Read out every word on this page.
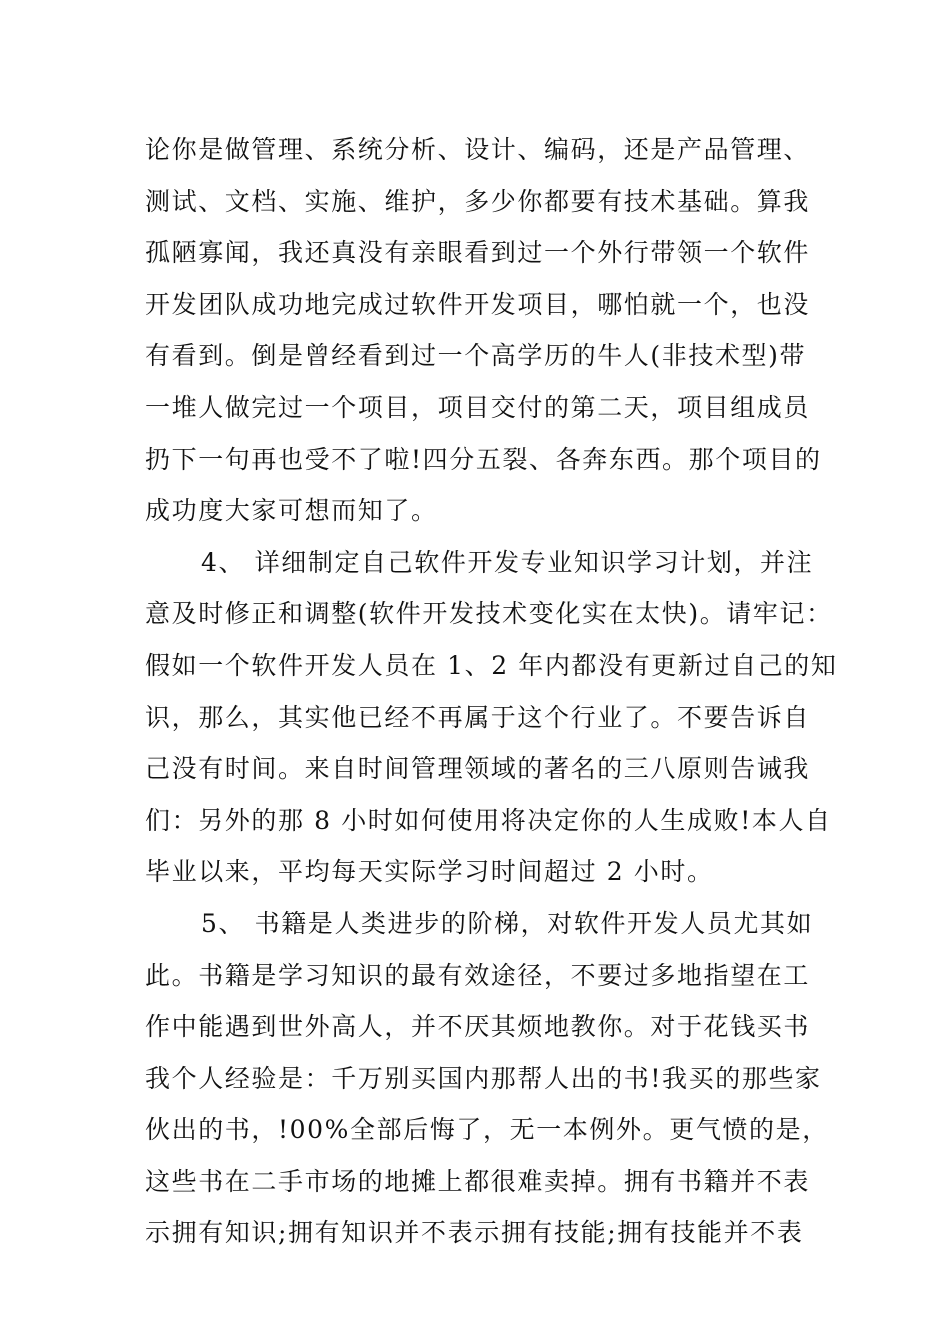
论你是做管理、系统分析、设计、编码，还是产品管理、
测试、文档、实施、维护，多少你都要有技术基础。算我
孤陋寡闻，我还真没有亲眼看到过一个外行带领一个软件
开发团队成功地完成过软件开发项目，哪怕就一个，也没
有看到。倒是曾经看到过一个高学历的牛人(非技术型)带
一堆人做完过一个项目，项目交付的第二天，项目组成员
扔下一句再也受不了啦!四分五裂、各奔东西。那个项目的
成功度大家可想而知了。
4、 详细制定自己软件开发专业知识学习计划，并注
意及时修正和调整(软件开发技术变化实在太快)。请牢记：
假如一个软件开发人员在 1、2 年内都没有更新过自己的知
识，那么，其实他已经不再属于这个行业了。不要告诉自
己没有时间。来自时间管理领域的著名的三八原则告诫我
们：另外的那 8 小时如何使用将决定你的人生成败!本人自
毕业以来，平均每天实际学习时间超过 2 小时。
5、 书籍是人类进步的阶梯，对软件开发人员尤其如
此。书籍是学习知识的最有效途径，不要过多地指望在工
作中能遇到世外高人，并不厌其烦地教你。对于花钱买书
我个人经验是：千万别买国内那帮人出的书!我买的那些家
伙出的书，!00%全部后悔了，无一本例外。更气愤的是，
这些书在二手市场的地摊上都很难卖掉。拥有书籍并不表
示拥有知识;拥有知识并不表示拥有技能;拥有技能并不表
